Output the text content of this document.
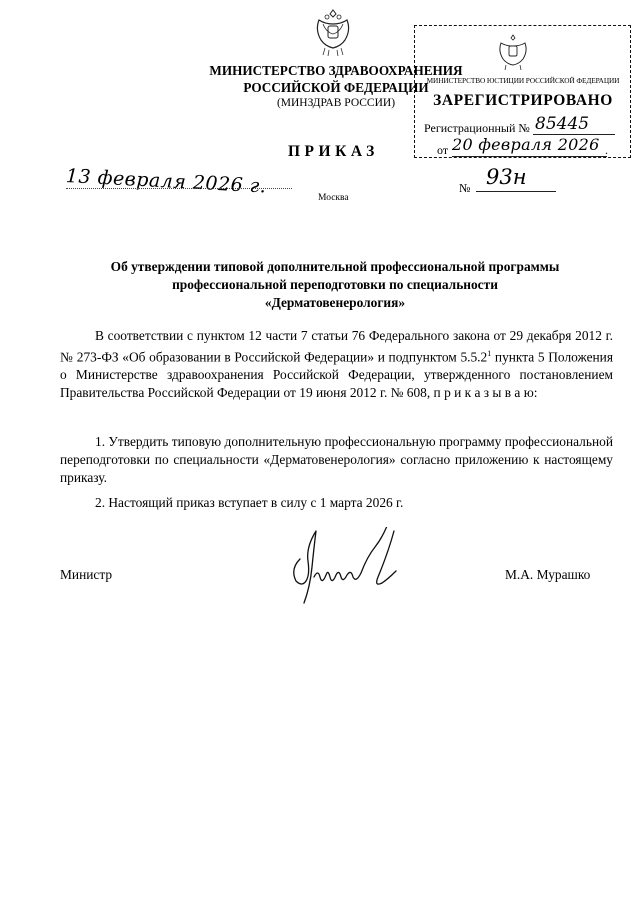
МИНИСТЕРСТВО ЗДРАВООХРАНЕНИЯ
РОССИЙСКОЙ ФЕДЕРАЦИИ
(МИНЗДРАВ РОССИИ)
МИНИСТЕРСТВО ЮСТИЦИИ РОССИЙСКОЙ ФЕДЕРАЦИИ
ЗАРЕГИСТРИРОВАНО
Регистрационный № 85445
от 20 февраля 2026 .
ПРИКАЗ
13 февраля 2026 г.	№ 93н
Москва
Об утверждении типовой дополнительной профессиональной программы
профессиональной переподготовки по специальности
«Дерматовенерология»
В соответствии с пунктом 12 части 7 статьи 76 Федерального закона от 29 декабря 2012 г. № 273-ФЗ «Об образовании в Российской Федерации» и подпунктом 5.5.2$^1$ пункта 5 Положения о Министерстве здравоохранения Российской Федерации, утвержденного постановлением Правительства Российской Федерации от 19 июня 2012 г. № 608, п р и к а з ы в а ю:
1. Утвердить типовую дополнительную профессиональную программу профессиональной переподготовки по специальности «Дерматовенерология» согласно приложению к настоящему приказу.
2. Настоящий приказ вступает в силу с 1 марта 2026 г.
Министр	М.А. Мурашко
